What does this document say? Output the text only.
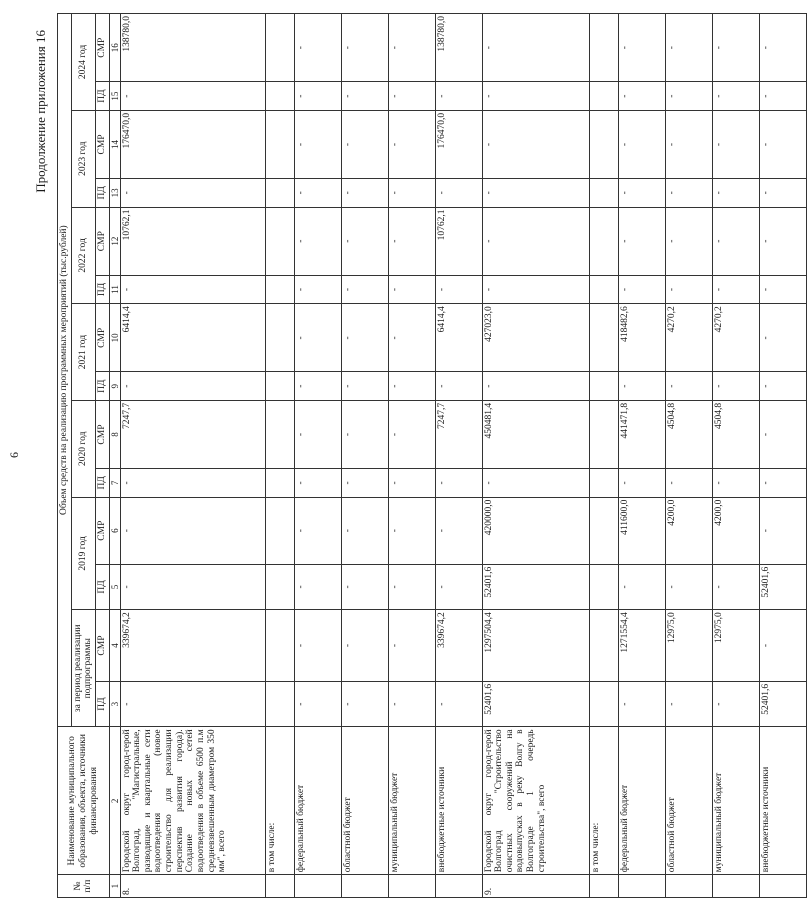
6
Продолжение приложения 16
№ п/п	Наименование муниципального образования, объекта, источники финансирования	Объем средств на реализацию программных мероприятий (тыс.рублей)													
		за период реализации подпрограммы		2019 год		2020 год		2021 год		2022 год		2023 год		2024 год	
		ПД	СМР	ПД	СМР	ПД	СМР	ПД	СМР	ПД	СМР	ПД	СМР	ПД	СМР
1	2	3	4	5	6	7	8	9	10	11	12	13	14	15	16
8.	Городской округ город-герой Волгоград, "Магистральные, разводящие и квартальные сети водоотведения (новое строительство для реализации перспектив развития города). Создание новых сетей водоотведения в объеме 6500 п.м средневзвешенным диаметром 350 мм", всего	-	339674,2	-	-	-	7247,7	-	6414,4	-	10762,1	-	176470,0	-	138780,0
	в том числе:														
	федеральный бюджет	-	-	-	-	-	-	-	-	-	-	-	-	-	-
	областной бюджет	-	-	-	-	-	-	-	-	-	-	-	-	-	-
	муниципальный бюджет	-	-	-	-	-	-	-	-	-	-	-	-	-	-
	внебюджетные источники	-	339674,2	-	-	-	7247,7	-	6414,4	-	10762,1	-	176470,0	-	138780,0
9.	Городской округ город-герой Волгоград "Строительство очистных сооружений на водовыпусках в реку Волгу в Волгограде 1 очередь строительства", всего	52401,6	1297504,4	52401,6	420000,0	-	450481,4	-	427023,0	-	-	-	-	-	-
	в том числе:														
	федеральный бюджет	-	1271554,4	-	411600,0	-	441471,8	-	418482,6	-	-	-	-	-	-
	областной бюджет	-	12975,0	-	4200,0	-	4504,8	-	4270,2	-	-	-	-	-	-
	муниципальный бюджет	-	12975,0	-	4200,0	-	4504,8	-	4270,2	-	-	-	-	-	-
	внебюджетные источники	52401,6	-	52401,6	-	-	-	-	-	-	-	-	-	-	-
